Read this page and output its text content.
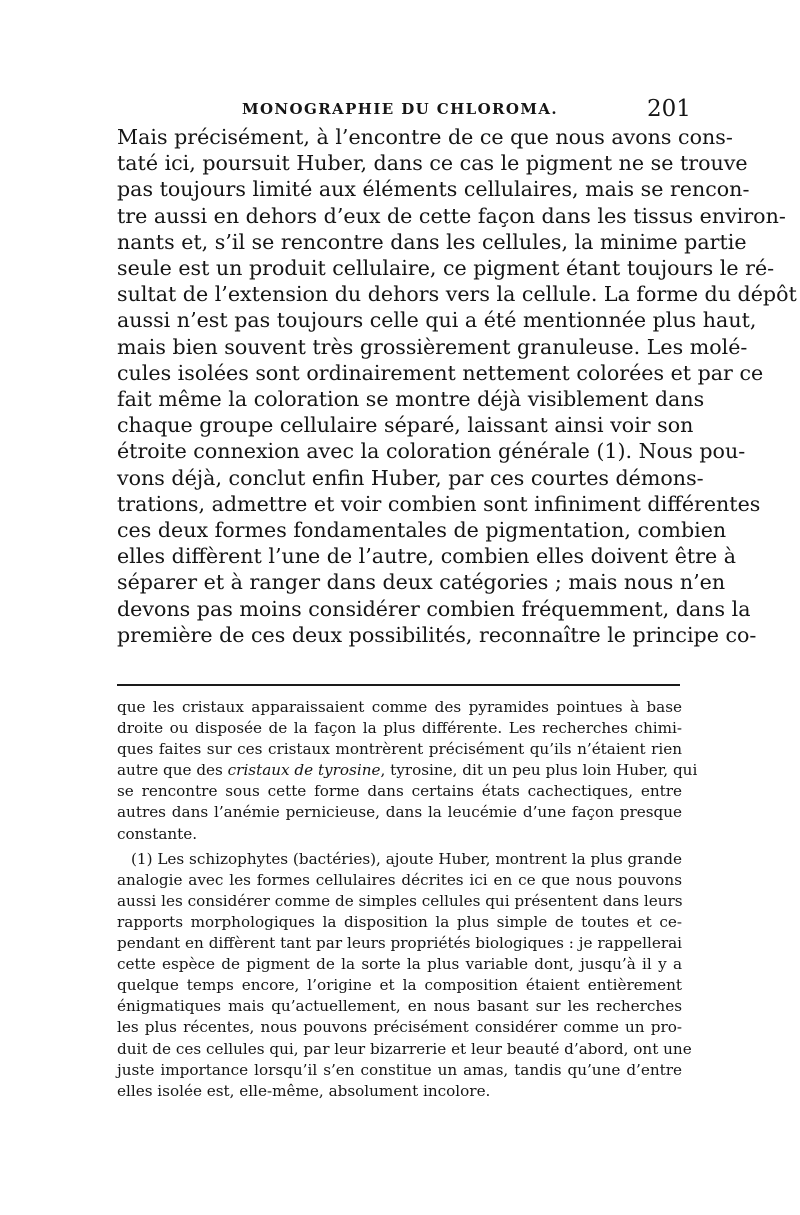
MONOGRAPHIE DU CHLOROMA.	201
Mais précisément, à l’encontre de ce que nous avons cons-
taté ici, poursuit Huber, dans ce cas le pigment ne se trouve
pas toujours limité aux éléments cellulaires, mais se rencon-
tre aussi en dehors d’eux de cette façon dans les tissus environ-
nants et, s’il se rencontre dans les cellules, la minime partie
seule est un produit cellulaire, ce pigment étant toujours le ré-
sultat de l’extension du dehors vers la cellule. La forme du dépôt
aussi n’est pas toujours celle qui a été mentionnée plus haut,
mais bien souvent très grossièrement granuleuse. Les molé-
cules isolées sont ordinairement nettement colorées et par ce
fait même la coloration se montre déjà visiblement dans
chaque groupe cellulaire séparé, laissant ainsi voir son
étroite connexion avec la coloration générale (1). Nous pou-
vons déjà, conclut enfin Huber, par ces courtes démons-
trations, admettre et voir combien sont infiniment différentes
ces deux formes fondamentales de pigmentation, combien
elles diffèrent l’une de l’autre, combien elles doivent être à
séparer et à ranger dans deux catégories ; mais nous n’en
devons pas moins considérer combien fréquemment, dans la
première de ces deux possibilités, reconnaître le principe co-
que les cristaux apparaissaient comme des pyramides pointues à base
droite ou disposée de la façon la plus différente. Les recherches chimi-
ques faites sur ces cristaux montrèrent précisément qu’ils n’étaient rien
autre que des cristaux de tyrosine, tyrosine, dit un peu plus loin Huber, qui
se rencontre sous cette forme dans certains états cachectiques, entre
autres dans l’anémie pernicieuse, dans la leucémie d’une façon presque
constante.
(1) Les schizophytes (bactéries), ajoute Huber, montrent la plus grande
analogie avec les formes cellulaires décrites ici en ce que nous pouvons
aussi les considérer comme de simples cellules qui présentent dans leurs
rapports morphologiques la disposition la plus simple de toutes et ce-
pendant en diffèrent tant par leurs propriétés biologiques : je rappellerai
cette espèce de pigment de la sorte la plus variable dont, jusqu’à il y a
quelque temps encore, l’origine et la composition étaient entièrement
énigmatiques mais qu’actuellement, en nous basant sur les recherches
les plus récentes, nous pouvons précisément considérer comme un pro-
duit de ces cellules qui, par leur bizarrerie et leur beauté d’abord, ont une
juste importance lorsqu’il s’en constitue un amas, tandis qu’une d’entre
elles isolée est, elle-même, absolument incolore.
